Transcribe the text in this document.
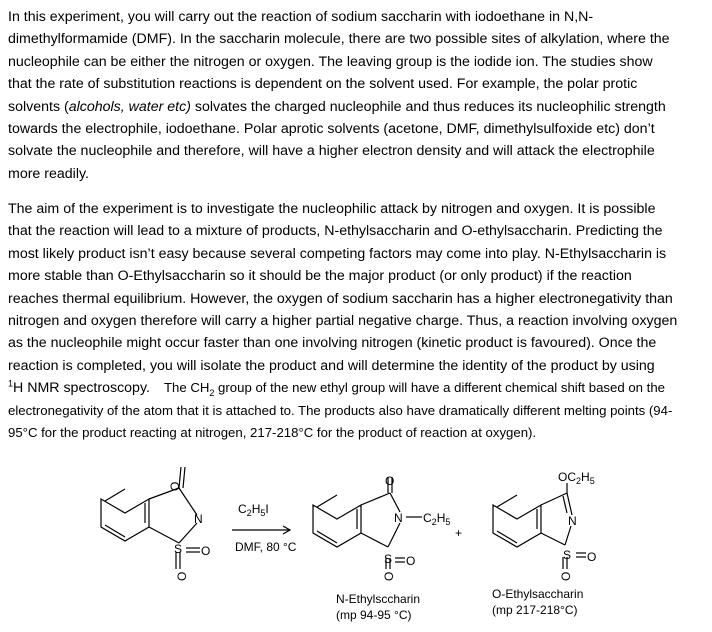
In this experiment, you will carry out the reaction of sodium saccharin with iodoethane in N,N-
dimethylformamide (DMF). In the saccharin molecule, there are two possible sites of alkylation, where the
nucleophile can be either the nitrogen or oxygen. The leaving group is the iodide ion. The studies show
that the rate of substitution reactions is dependent on the solvent used. For example, the polar protic
solvents (alcohols, water etc) solvates the charged nucleophile and thus reduces its nucleophilic strength
towards the electrophile, iodoethane. Polar aprotic solvents (acetone, DMF, dimethylsulfoxide etc) don’t
solvate the nucleophile and therefore, will have a higher electron density and will attack the electrophile
more readily.
The aim of the experiment is to investigate the nucleophilic attack by nitrogen and oxygen. It is possible
that the reaction will lead to a mixture of products, N-ethylsaccharin and O-ethylsaccharin. Predicting the
most likely product isn’t easy because several competing factors may come into play. N-Ethylsaccharin is
more stable than O-Ethylsaccharin so it should be the major product (or only product) if the reaction
reaches thermal equilibrium. However, the oxygen of sodium saccharin has a higher electronegativity than
nitrogen and oxygen therefore will carry a higher partial negative charge. Thus, a reaction involving oxygen
as the nucleophile might occur faster than one involving nitrogen (kinetic product is favoured). Once the
reaction is completed, you will isolate the product and will determine the identity of the product by using
$^1$H NMR spectroscopy. The $CH_2$ group of the new ethyl group will have a different chemical shift based on the
electronegativity of the atom that it is attached to. The products also have dramatically different melting points (94-
95°C for the product reacting at nitrogen, 217-218°C for the product of reaction at oxygen).
O
N
S O
O
$C_2H_5I$
DMF, 80 °C
O
N $C_2H_5$
S O
O
+
$OC_2H_5$
N
S O
O
N-Ethylsccharin
(mp 94-95 °C)
O-Ethylsaccharin
(mp 217-218°C)
